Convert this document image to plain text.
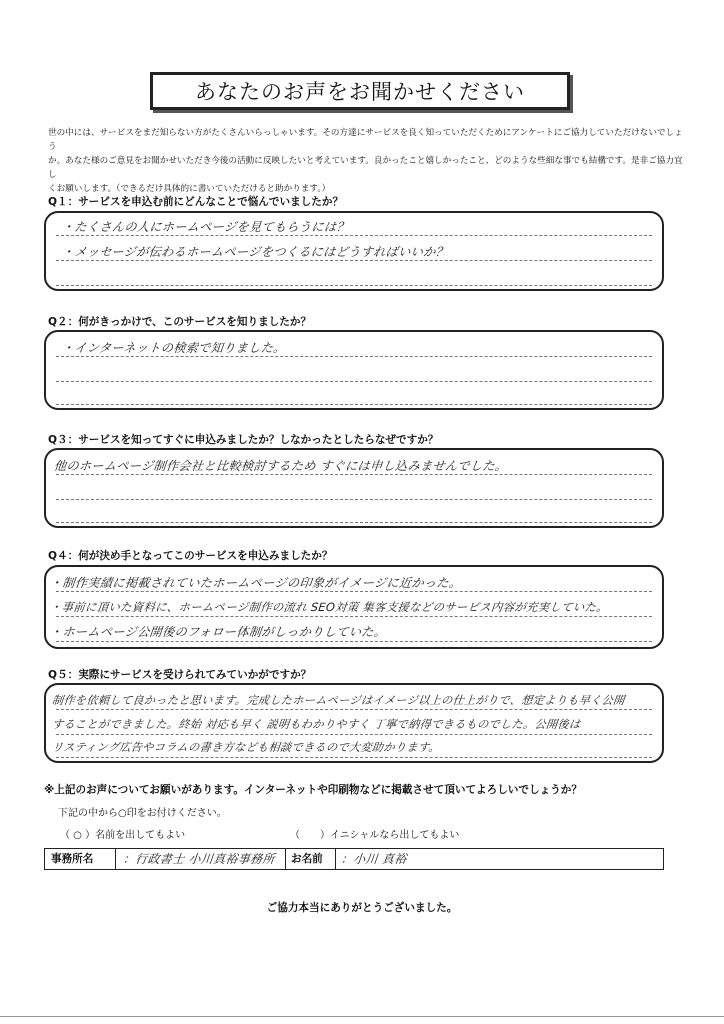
あなたのお声をお聞かせください
世の中には、サービスをまだ知らない方がたくさんいらっしゃいます。その方達にサービスを良く知っていただくためにアンケートにご協力していただけないでしょう
か。あなた様のご意見をお聞かせいただき今後の活動に反映したいと考えています。良かったこと嬉しかったこと、どのような些細な事でも結構です。是非ご協力宜し
くお願いします。（できるだけ具体的に書いていただけると助かります。）
Q１：サービスを申込む前にどんなことで悩んでいましたか？
・たくさんの人にホームページを見てもらうには？
・メッセージが伝わるホームページをつくるにはどうすればいいか？
Q２：何がきっかけで、このサービスを知りましたか？
・インターネットの検索で知りました。
Q３：サービスを知ってすぐに申込みましたか？しなかったとしたらなぜですか？
他のホームページ制作会社と比較検討するため すぐには申し込みませんでした。
Q４：何が決め手となってこのサービスを申込みましたか？
・制作実績に掲載されていたホームページの印象がイメージに近かった。
・事前に頂いた資料に、ホームページ制作の流れ SEO対策 集客支援などのサービス内容が充実していた。
・ホームページ公開後のフォロー体制がしっかりしていた。
Q５：実際にサービスを受けられてみていかがですか？
制作を依頼して良かったと思います。完成したホームページはイメージ以上の仕上がりで、想定よりも早く公開
することができました。終始 対応も早く 説明もわかりやすく 丁寧で納得できるものでした。公開後は
リスティング広告やコラムの書き方なども相談できるので大変助かります。
※上記のお声についてお願いがあります。インターネットや印刷物などに掲載させて頂いてよろしいでしょうか？
下記の中から○印をお付けください。
（ ○ ）名前を出してもよい	（　　）イニシャルなら出してもよい
事務所名 ：行政書士 小川真裕事務所 お名前 ：小川 真裕
ご協力本当にありがとうございました。
